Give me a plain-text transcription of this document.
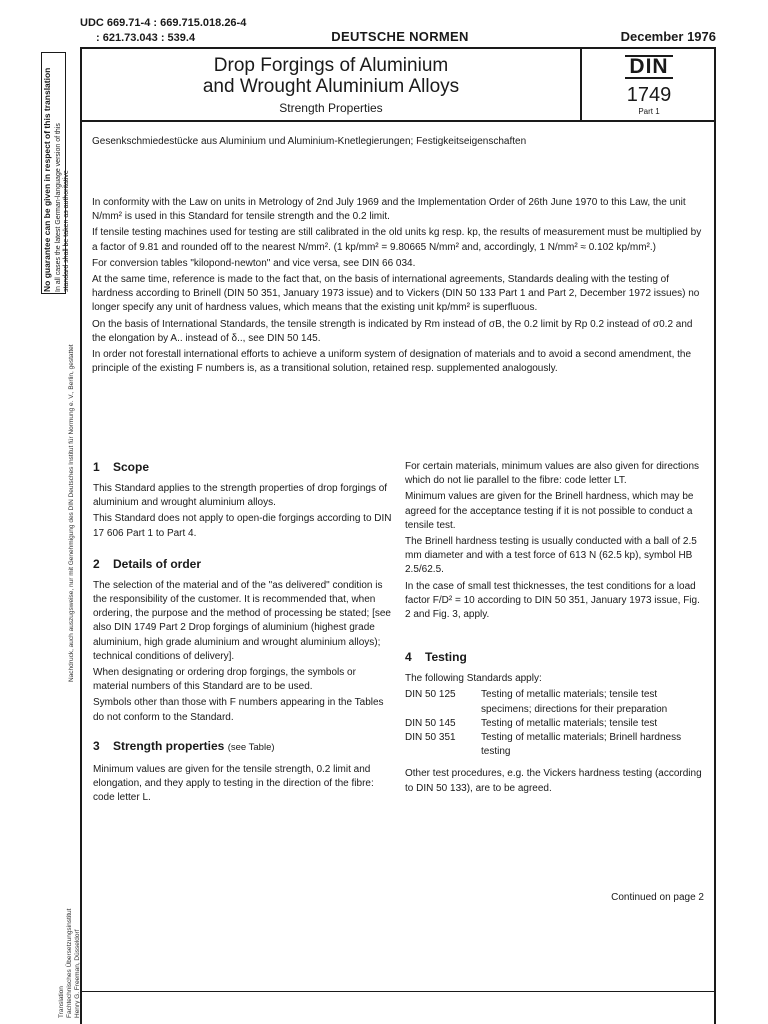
UDC 669.71-4 : 669.715.018.26-4
: 621.73.043 : 539.4	DEUTSCHE NORMEN	December 1976
Drop Forgings of Aluminium
and Wrought Aluminium Alloys
Strength Properties
DIN
1749
Part 1
Gesenkschmiedestücke aus Aluminium und Aluminium-Knetlegierungen; Festigkeitseigenschaften

In conformity with the Law on units in Metrology of 2nd July 1969 and the Implementation Order of 26th June 1970 to this Law, the unit N/mm² is used in this Standard for tensile strength and the 0.2 limit.

If tensile testing machines used for testing are still calibrated in the old units kg resp. kp, the results of measurement must be multiplied by a factor of 9.81 and rounded off to the nearest N/mm². (1 kp/mm² = 9.80665 N/mm² and, accordingly, 1 N/mm² ≈ 0.102 kp/mm².)

For conversion tables "kilopond-newton" and vice versa, see DIN 66 034.

At the same time, reference is made to the fact that, on the basis of international agreements, Standards dealing with the testing of hardness according to Brinell (DIN 50 351, January 1973 issue) and to Vickers (DIN 50 133 Part 1 and Part 2, December 1972 issues) no longer specify any unit of hardness values, which means that the existing unit kp/mm² is superfluous.

On the basis of International Standards, the tensile strength is indicated by Rm instead of σB, the 0.2 limit by Rp 0.2 instead of σ0.2 and the elongation by A.. instead of δ.., see DIN 50 145.

In order not forestall international efforts to achieve a uniform system of designation of materials and to avoid a second amendment, the principle of the existing F numbers is, as a transitional solution, retained resp. supplemented analogously.

1 Scope

This Standard applies to the strength properties of drop forgings of aluminium and wrought aluminium alloys.

This Standard does not apply to open-die forgings according to DIN 17 606 Part 1 to Part 4.

2 Details of order

The selection of the material and of the "as delivered" condition is the responsibility of the customer. It is recommended that, when ordering, the purpose and the method of processing be stated; [see also DIN 1749 Part 2 Drop forgings of aluminium (highest grade aluminium, high grade aluminium and wrought aluminium alloys); technical conditions of delivery].

When designating or ordering drop forgings, the symbols or material numbers of this Standard are to be used.

Symbols other than those with F numbers appearing in the Tables do not conform to the Standard.

3 Strength properties (see Table)

Minimum values are given for the tensile strength, 0.2 limit and elongation, and they apply to testing in the direction of the fibre: code letter L.

For certain materials, minimum values are also given for directions which do not lie parallel to the fibre: code letter LT.

Minimum values are given for the Brinell hardness, which may be agreed for the acceptance testing if it is not possible to conduct a tensile test.

The Brinell hardness testing is usually conducted with a ball of 2.5 mm diameter and with a test force of 613 N (62.5 kp), symbol HB 2.5/62.5.

In the case of small test thicknesses, the test conditions for a load factor F/D² = 10 according to DIN 50 351, January 1973 issue, Fig. 2 and Fig. 3, apply.

4 Testing

The following Standards apply:

DIN 50 125	Testing of metallic materials; tensile test specimens; directions for their preparation
DIN 50 145	Testing of metallic materials; tensile test
DIN 50 351	Testing of metallic materials; Brinell hardness testing

Other test procedures, e.g. the Vickers hardness testing (according to DIN 50 133), are to be agreed.

Continued on page 2
No guarantee can be given in respect of this translation In all cases the latest German-language version of this standard shall be taken as authoritative
Nachdruck, auch auszugsweise, nur mit Genehmigung des DIN Deutsches Institut für Normung e. V., Berlin, gestattet
Translation Fachtechnisches Übersetzungsinstitut Henry G. Freeman, Düsseldorf
